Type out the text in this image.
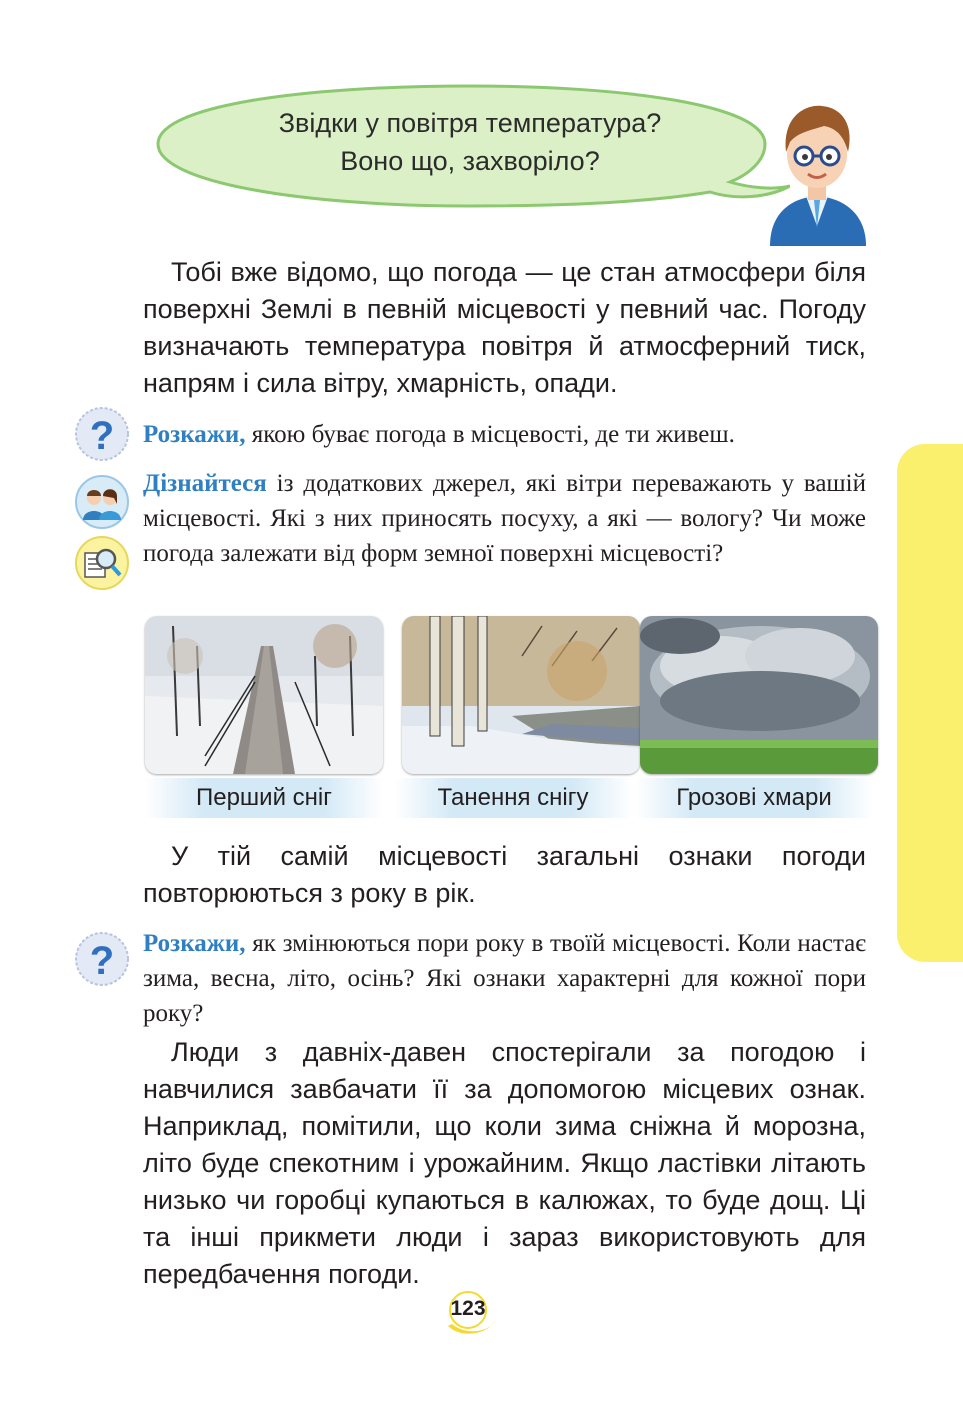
Звідки у повітря температура?
Воно що, захворіло?
Тобі вже відомо, що погода — це стан атмосфери біля поверхні Землі в певній місцевості у певний час. Погоду визначають температура повітря й атмосферний тиск, напрям і сила вітру, хмарність, опади.
? Розкажи, якою буває погода в місцевості, де ти живеш.
Дізнайтеся із додаткових джерел, які вітри переважають у вашій місцевості. Які з них приносять посуху, а які — вологу? Чи може погода залежати від форм земної поверхні місцевості?
Перший сніг	Танення снігу	Грозові хмари
У тій самій місцевості загальні ознаки погоди повторюються з року в рік.
? Розкажи, як змінюються пори року в твоїй місцевості. Коли настає зима, весна, літо, осінь? Які ознаки характерні для кожної пори року?
Люди з давніх-давен спостерігали за погодою і навчилися завбачати її за допомогою місцевих ознак. Наприклад, помітили, що коли зима сніжна й морозна, літо буде спекотним і урожайним. Якщо ластівки літають низько чи горобці купаються в калюжах, то буде дощ. Ці та інші прикмети люди і зараз використовують для передбачення погоди.
123
